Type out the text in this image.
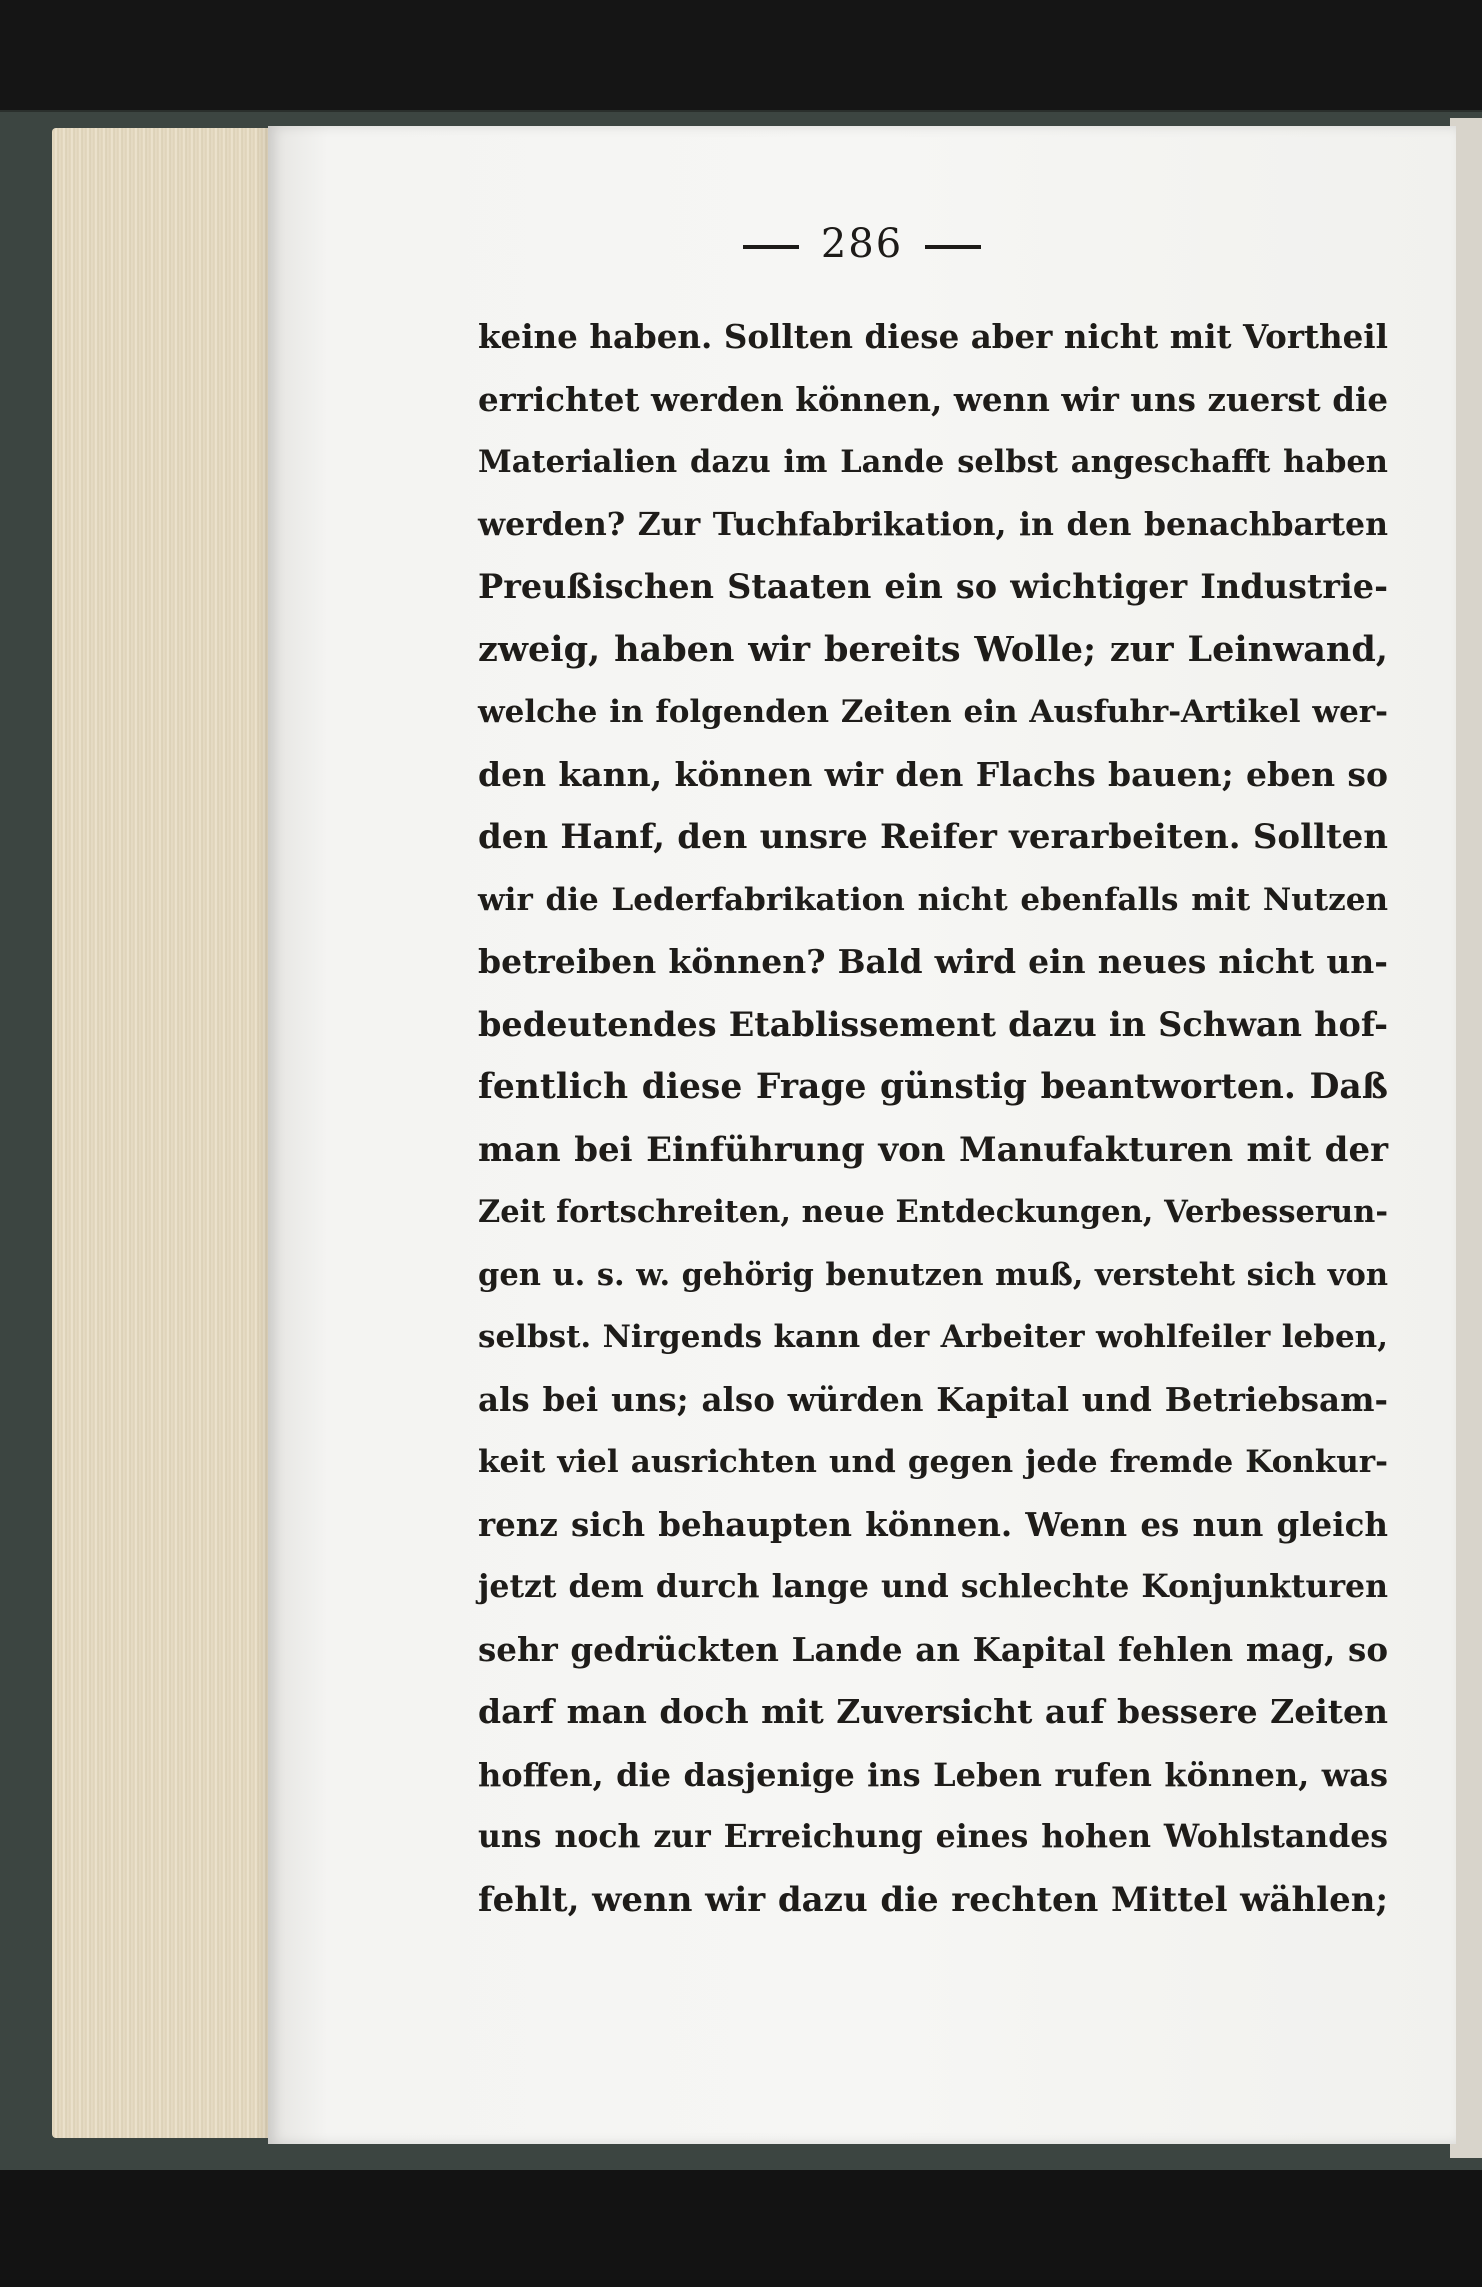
286
keine haben. Sollten diese aber nicht mit Vortheil
errichtet werden können, wenn wir uns zuerst die
Materialien dazu im Lande selbst angeschafft haben
werden? Zur Tuchfabrikation, in den benachbarten
Preußischen Staaten ein so wichtiger Industrie-
zweig, haben wir bereits Wolle; zur Leinwand,
welche in folgenden Zeiten ein Ausfuhr-Artikel wer-
den kann, können wir den Flachs bauen; eben so
den Hanf, den unsre Reifer verarbeiten. Sollten
wir die Lederfabrikation nicht ebenfalls mit Nutzen
betreiben können? Bald wird ein neues nicht un-
bedeutendes Etablissement dazu in Schwan hof-
fentlich diese Frage günstig beantworten. Daß
man bei Einführung von Manufakturen mit der
Zeit fortschreiten, neue Entdeckungen, Verbesserun-
gen u. s. w. gehörig benutzen muß, versteht sich von
selbst. Nirgends kann der Arbeiter wohlfeiler leben,
als bei uns; also würden Kapital und Betriebsam-
keit viel ausrichten und gegen jede fremde Konkur-
renz sich behaupten können. Wenn es nun gleich
jetzt dem durch lange und schlechte Konjunkturen
sehr gedrückten Lande an Kapital fehlen mag, so
darf man doch mit Zuversicht auf bessere Zeiten
hoffen, die dasjenige ins Leben rufen können, was
uns noch zur Erreichung eines hohen Wohlstandes
fehlt, wenn wir dazu die rechten Mittel wählen;
